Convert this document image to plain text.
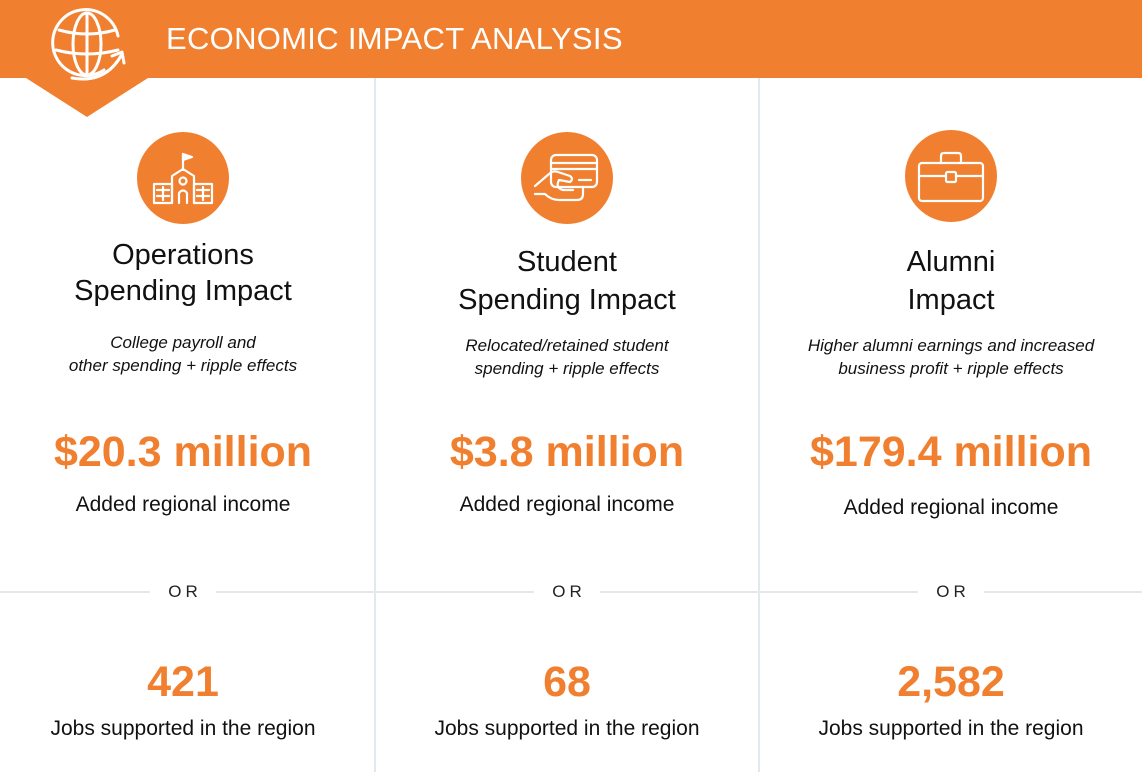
ECONOMIC IMPACT ANALYSIS
Operations
Spending Impact
College payroll and
other spending + ripple effects
$20.3 million
Added regional income
OR
421
Jobs supported in the region
Student
Spending Impact
Relocated/retained student
spending + ripple effects
$3.8 million
Added regional income
OR
68
Jobs supported in the region
Alumni
Impact
Higher alumni earnings and increased
business profit + ripple effects
$179.4 million
Added regional income
OR
2,582
Jobs supported in the region
